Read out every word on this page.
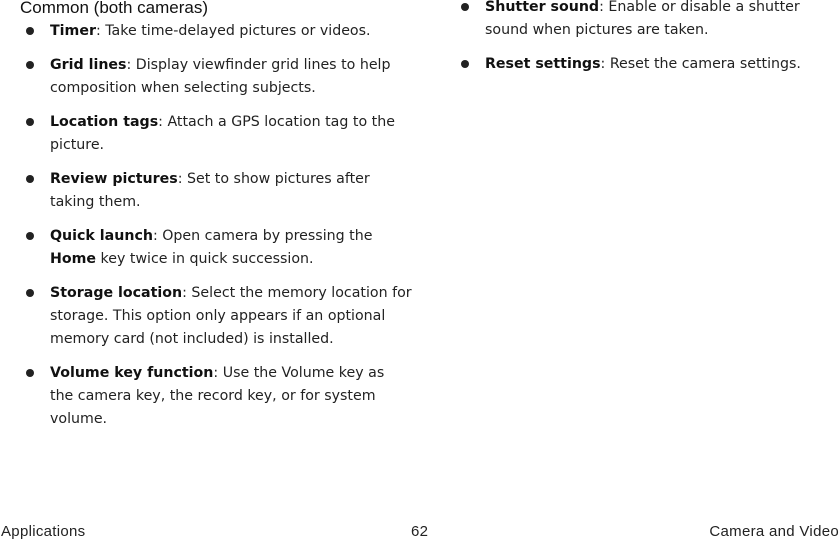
Common (both cameras)
Timer: Take time-delayed pictures or videos.
Grid lines: Display viewfinder grid lines to help composition when selecting subjects.
Location tags: Attach a GPS location tag to the picture.
Review pictures: Set to show pictures after taking them.
Quick launch: Open camera by pressing the Home key twice in quick succession.
Storage location: Select the memory location for storage. This option only appears if an optional memory card (not included) is installed.
Volume key function: Use the Volume key as the camera key, the record key, or for system volume.
Shutter sound: Enable or disable a shutter sound when pictures are taken.
Reset settings: Reset the camera settings.
Applications	62	Camera and Video
